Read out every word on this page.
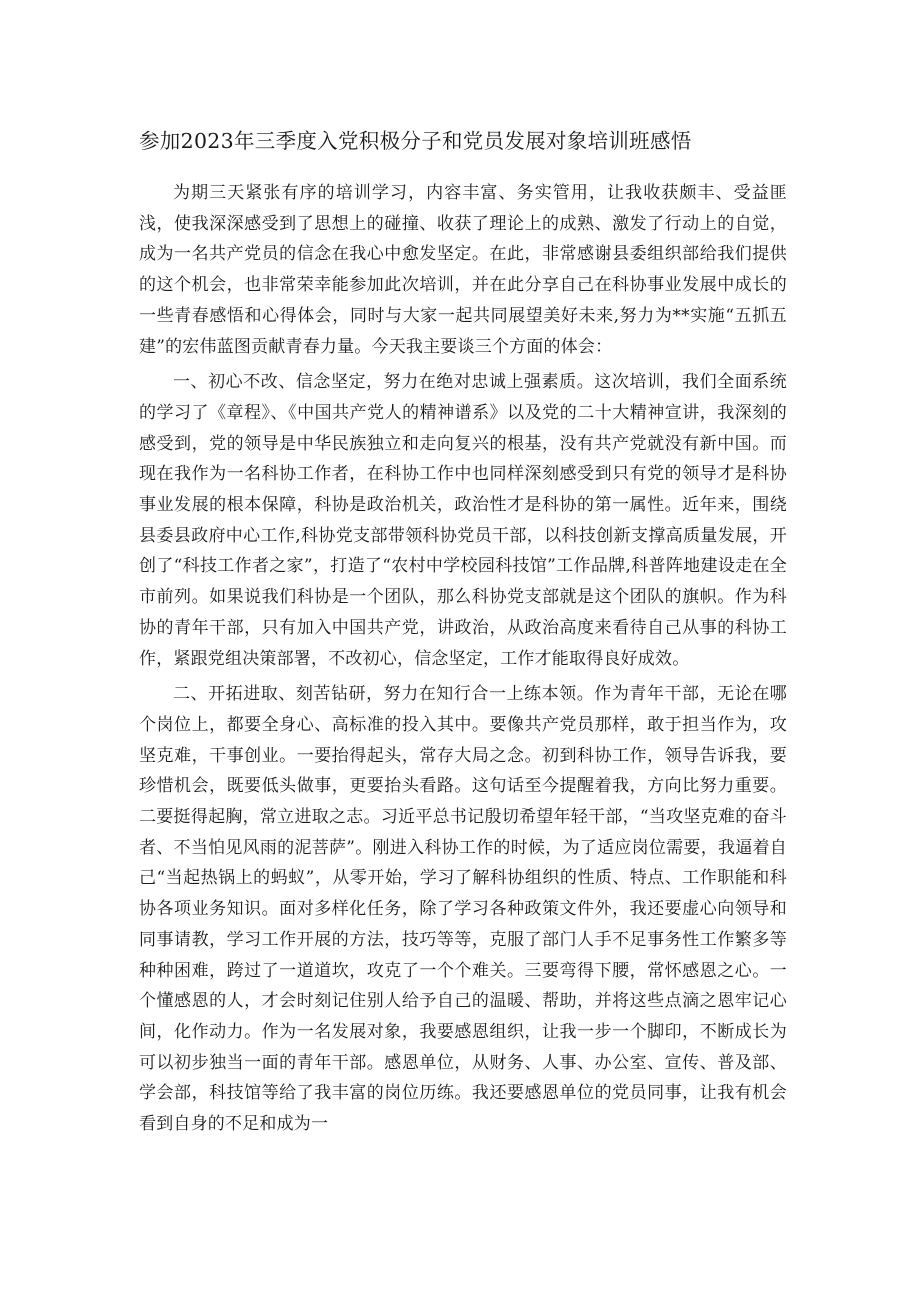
参加2023年三季度入党积极分子和党员发展对象培训班感悟

为期三天紧张有序的培训学习，内容丰富、务实管用，让我收获颇丰、受益匪浅，使我深深感受到了思想上的碰撞、收获了理论上的成熟、激发了行动上的自觉，成为一名共产党员的信念在我心中愈发坚定。在此，非常感谢县委组织部给我们提供的这个机会，也非常荣幸能参加此次培训，并在此分享自己在科协事业发展中成长的一些青春感悟和心得体会，同时与大家一起共同展望美好未来,努力为**实施“五抓五建”的宏伟蓝图贡献青春力量。今天我主要谈三个方面的体会：

一、初心不改、信念坚定，努力在绝对忠诚上强素质。这次培训，我们全面系统的学习了《章程》、《中国共产党人的精神谱系》以及党的二十大精神宣讲，我深刻的感受到，党的领导是中华民族独立和走向复兴的根基，没有共产党就没有新中国。而现在我作为一名科协工作者，在科协工作中也同样深刻感受到只有党的领导才是科协事业发展的根本保障，科协是政治机关，政治性才是科协的第一属性。近年来，围绕县委县政府中心工作,科协党支部带领科协党员干部，以科技创新支撑高质量发展，开创了“科技工作者之家”，打造了“农村中学校园科技馆”工作品牌,科普阵地建设走在全市前列。如果说我们科协是一个团队，那么科协党支部就是这个团队的旗帜。作为科协的青年干部，只有加入中国共产党，讲政治，从政治高度来看待自己从事的科协工作，紧跟党组决策部署，不改初心，信念坚定，工作才能取得良好成效。

二、开拓进取、刻苦钻研，努力在知行合一上练本领。作为青年干部，无论在哪个岗位上，都要全身心、高标准的投入其中。要像共产党员那样，敢于担当作为，攻坚克难，干事创业。一要抬得起头，常存大局之念。初到科协工作，领导告诉我，要珍惜机会，既要低头做事，更要抬头看路。这句话至今提醒着我，方向比努力重要。二要挺得起胸，常立进取之志。习近平总书记殷切希望年轻干部，“当攻坚克难的奋斗者、不当怕见风雨的泥菩萨”。刚进入科协工作的时候，为了适应岗位需要，我逼着自己“当起热锅上的蚂蚁”，从零开始，学习了解科协组织的性质、特点、工作职能和科协各项业务知识。面对多样化任务，除了学习各种政策文件外，我还要虚心向领导和同事请教，学习工作开展的方法，技巧等等，克服了部门人手不足事务性工作繁多等种种困难，跨过了一道道坎，攻克了一个个难关。三要弯得下腰，常怀感恩之心。一个懂感恩的人，才会时刻记住别人给予自己的温暖、帮助，并将这些点滴之恩牢记心间，化作动力。作为一名发展对象，我要感恩组织，让我一步一个脚印，不断成长为可以初步独当一面的青年干部。感恩单位，从财务、人事、办公室、宣传、普及部、学会部，科技馆等给了我丰富的岗位历练。我还要感恩单位的党员同事，让我有机会看到自身的不足和成为一
